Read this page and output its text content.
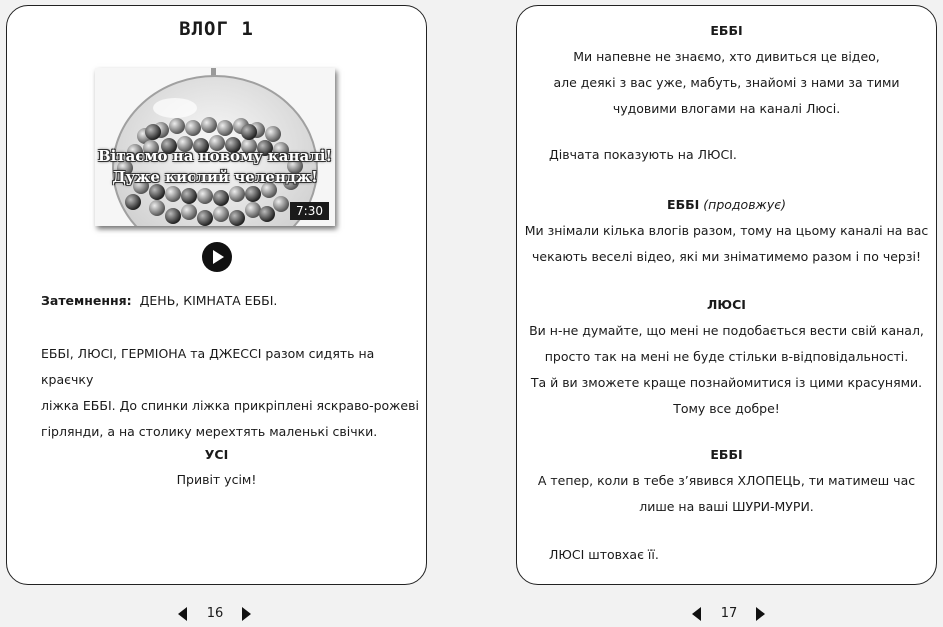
ВЛОГ 1
Вітаємо на новому каналі!
Дуже кислий челендж!
7:30
Затемнення: ДЕНЬ, КІМНАТА ЕББІ.
ЕББІ, ЛЮСІ, ГЕРМІОНА та ДЖЕССІ разом сидять на краєчку
ліжка ЕББІ. До спинки ліжка прикріплені яскраво-рожеві
гірлянди, а на столику мерехтять маленькі свічки.
УСІ
Привіт усім!
ЕББІ
Ми напевне не знаємо, хто дивиться це відео,
але деякі з вас уже, мабуть, знайомі з нами за тими
чудовими влогами на каналі Люсі.
Дівчата показують на ЛЮСІ.
ЕББІ (продовжує)
Ми знімали кілька влогів разом, тому на цьому каналі на вас
чекають веселі відео, які ми зніматимемо разом і по черзі!
ЛЮСІ
Ви н-не думайте, що мені не подобається вести свій канал,
просто так на мені не буде стільки в-відповідальності.
Та й ви зможете краще познайомитися із цими красунями.
Тому все добре!
ЕББІ
А тепер, коли в тебе з’явився ХЛОПЕЦЬ, ти матимеш час
лише на ваші ШУРИ-МУРИ.
ЛЮСІ штовхає її.
16	17
